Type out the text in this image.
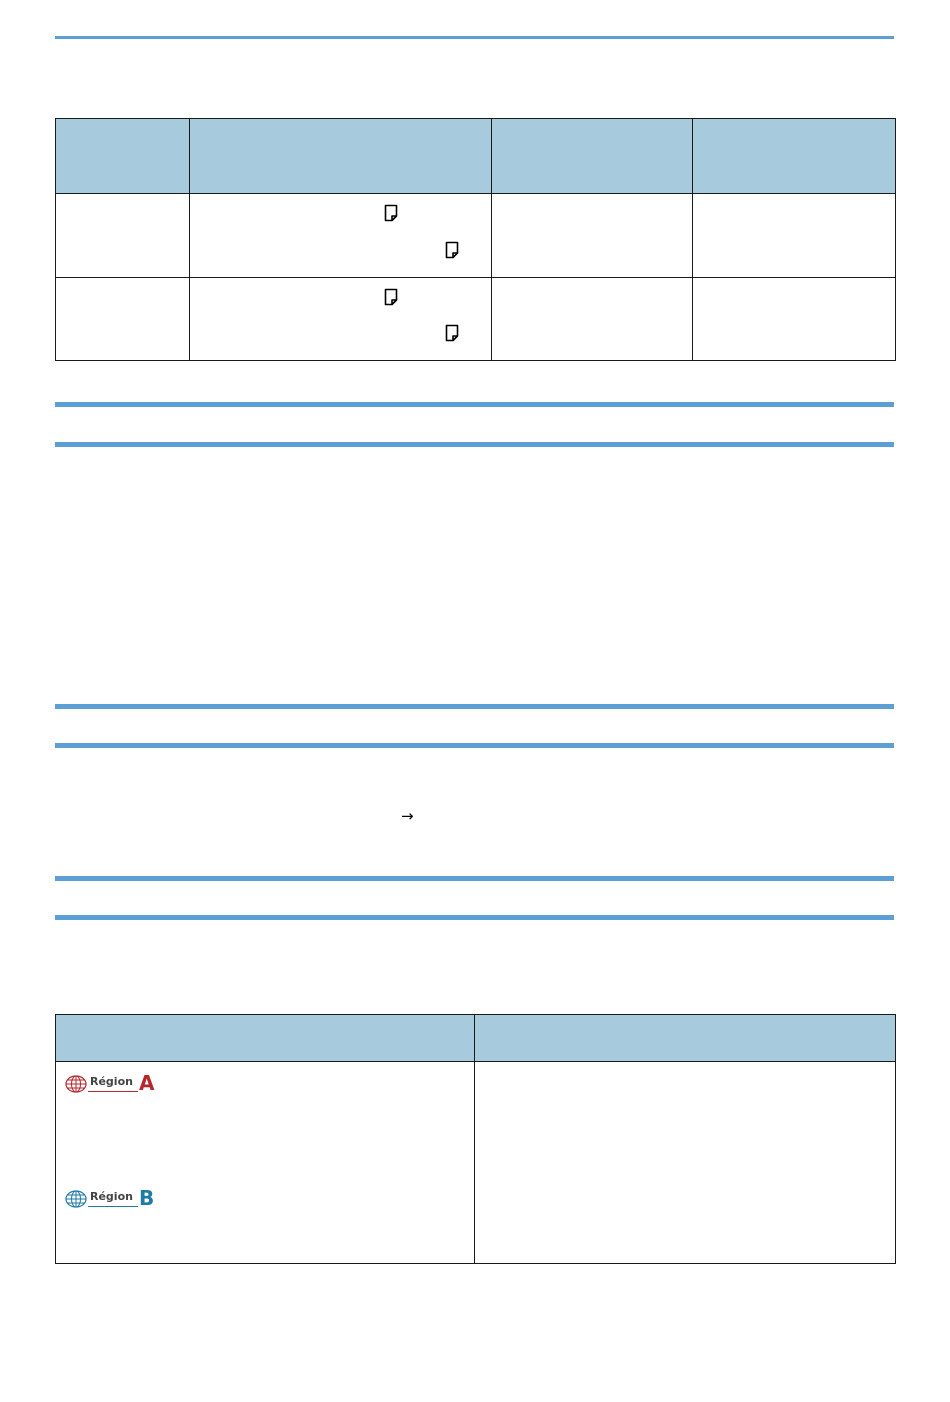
→

Région A
Région B	
